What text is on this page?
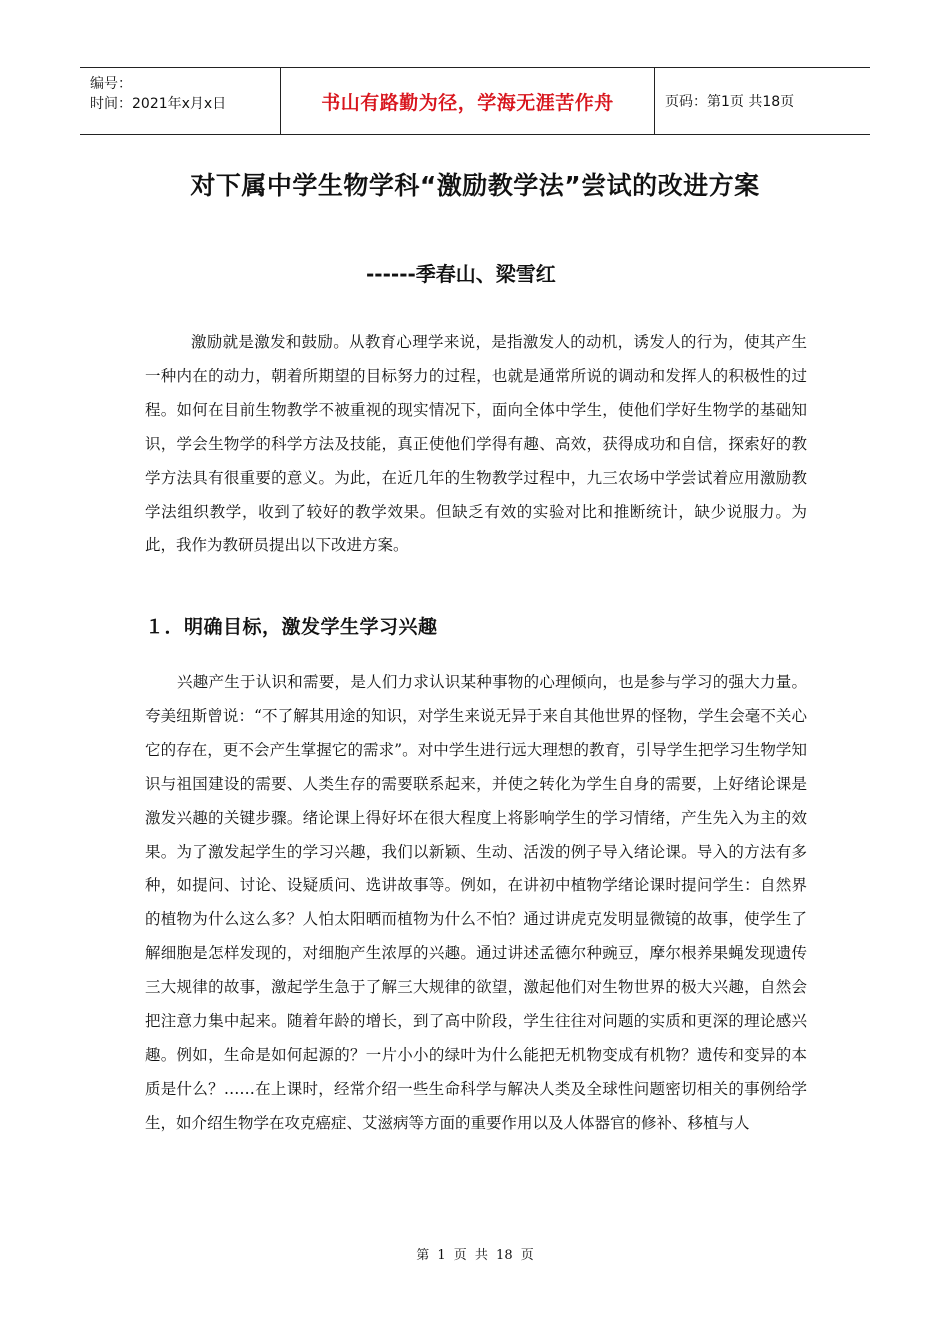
编号：
时间：2021年x月x日	书山有路勤为径，学海无涯苦作舟	页码：第1页 共18页
对下属中学生物学科“激励教学法”尝试的改进方案
------季春山、梁雪红

激励就是激发和鼓励。从教育心理学来说，是指激发人的动机，诱发人的行为，使其产生一种内在的动力，朝着所期望的目标努力的过程，也就是通常所说的调动和发挥人的积极性的过程。如何在目前生物教学不被重视的现实情况下，面向全体中学生，使他们学好生物学的基础知识，学会生物学的科学方法及技能，真正使他们学得有趣、高效，获得成功和自信，探索好的教学方法具有很重要的意义。为此，在近几年的生物教学过程中，九三农场中学尝试着应用激励教学法组织教学，收到了较好的教学效果。但缺乏有效的实验对比和推断统计，缺少说服力。为此，我作为教研员提出以下改进方案。

１．明确目标，激发学生学习兴趣

兴趣产生于认识和需要，是人们力求认识某种事物的心理倾向，也是参与学习的强大力量。夸美纽斯曾说：“不了解其用途的知识，对学生来说无异于来自其他世界的怪物，学生会毫不关心它的存在，更不会产生掌握它的需求”。对中学生进行远大理想的教育，引导学生把学习生物学知识与祖国建设的需要、人类生存的需要联系起来，并使之转化为学生自身的需要，上好绪论课是激发兴趣的关键步骤。绪论课上得好坏在很大程度上将影响学生的学习情绪，产生先入为主的效果。为了激发起学生的学习兴趣，我们以新颖、生动、活泼的例子导入绪论课。导入的方法有多种，如提问、讨论、设疑质问、选讲故事等。例如，在讲初中植物学绪论课时提问学生：自然界的植物为什么这么多？人怕太阳晒而植物为什么不怕？通过讲虎克发明显微镜的故事，使学生了解细胞是怎样发现的，对细胞产生浓厚的兴趣。通过讲述孟德尔种豌豆，摩尔根养果蝇发现遗传三大规律的故事，激起学生急于了解三大规律的欲望，激起他们对生物世界的极大兴趣，自然会把注意力集中起来。随着年龄的增长，到了高中阶段，学生往往对问题的实质和更深的理论感兴趣。例如，生命是如何起源的？一片小小的绿叶为什么能把无机物变成有机物？遗传和变异的本质是什么？……在上课时，经常介绍一些生命科学与解决人类及全球性问题密切相关的事例给学生，如介绍生物学在攻克癌症、艾滋病等方面的重要作用以及人体器官的修补、移植与人

第 1 页 共 18 页
